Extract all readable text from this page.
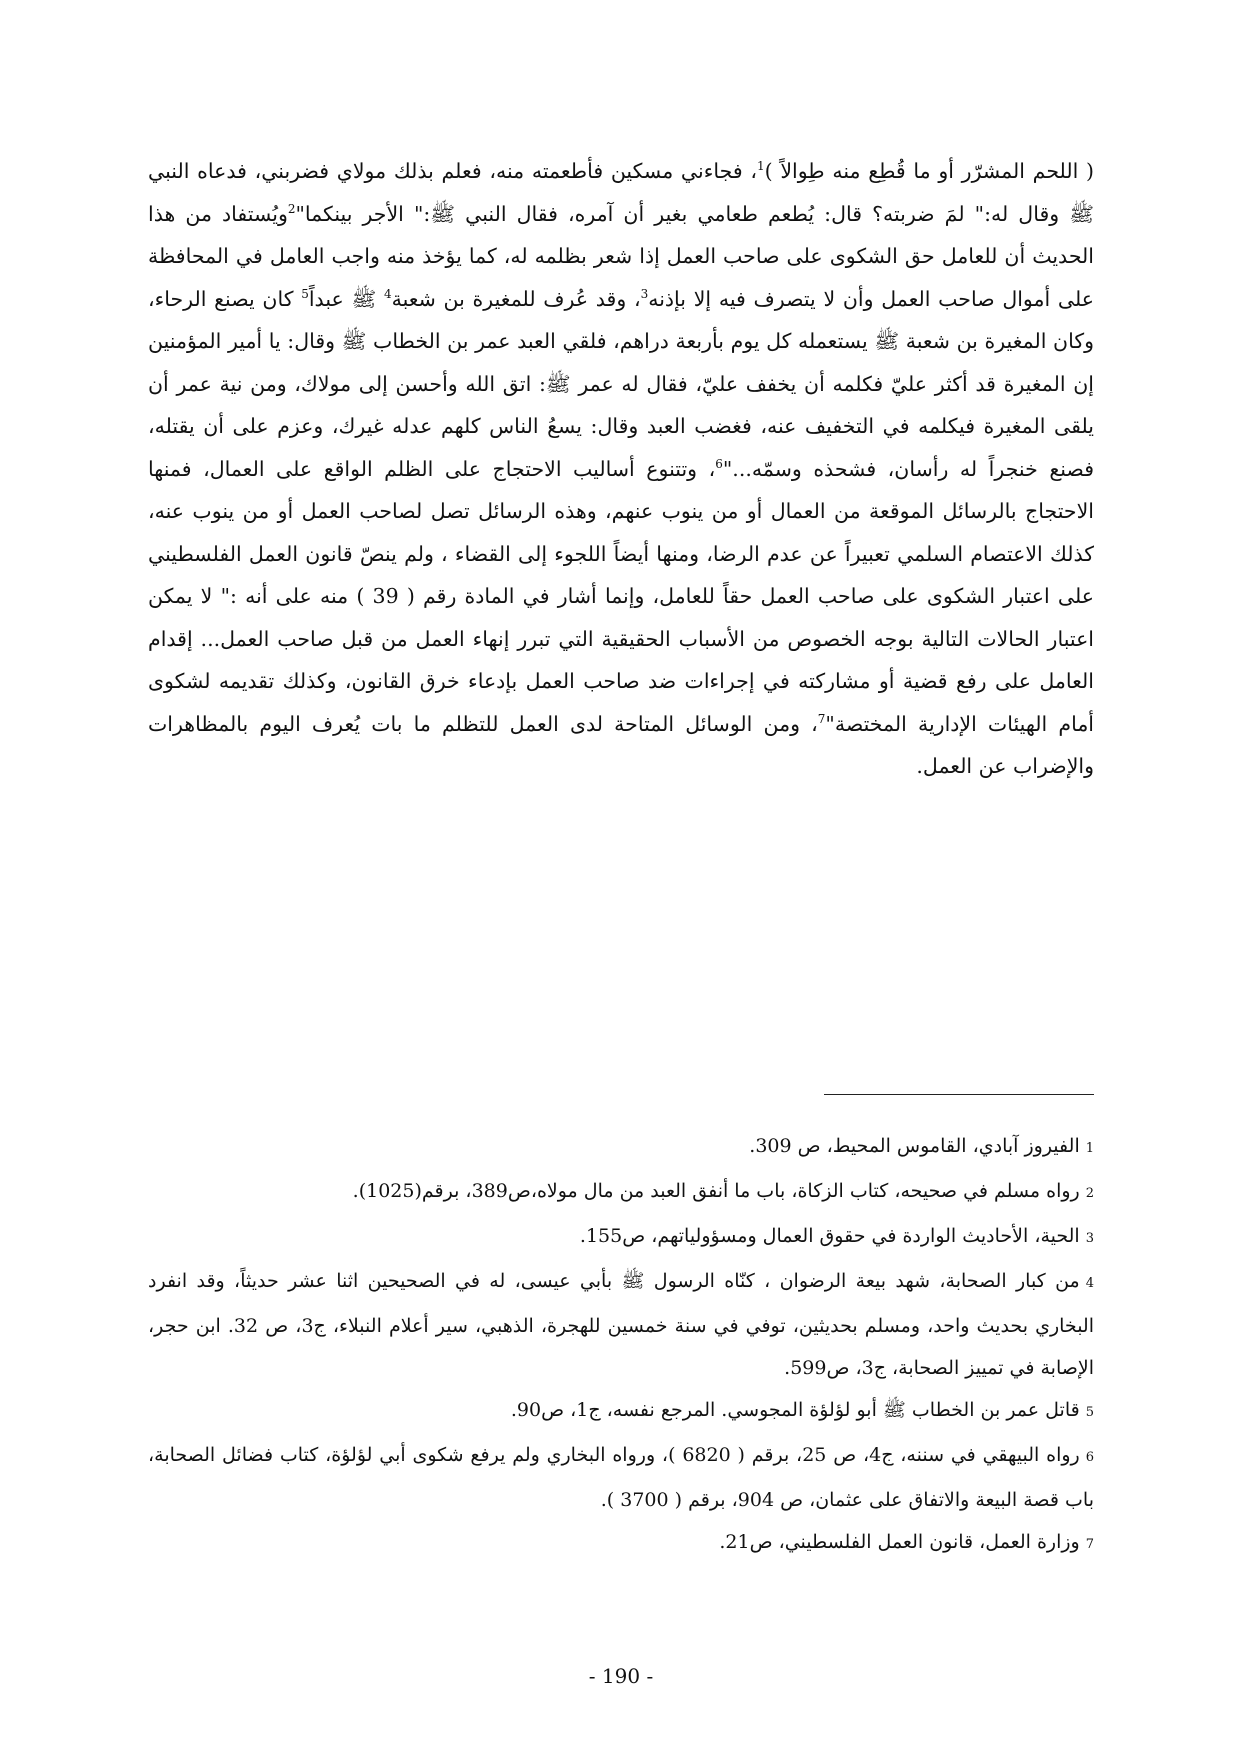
( اللحم المشرّر أو ما قُطِع منه طِوالاً )$^1$، فجاءني مسكين فأطعمته منه، فعلم بذلك مولاي فضربني، فدعاه النبي ﷺ وقال له:" لمَ ضربته؟ قال: يُطعم طعامي بغير أن آمره، فقال النبي ﷺ:" الأجر بينكما"$^2$ويُستفاد من هذا الحديث أن للعامل حق الشكوى على صاحب العمل إذا شعر بظلمه له، كما يؤخذ منه واجب العامل في المحافظة على أموال صاحب العمل وأن لا يتصرف فيه إلا بإذنه$^3$، وقد عُرف للمغيرة بن شعبة$^4$ ﷺ عبداً$^5$ كان يصنع الرحاء، وكان المغيرة بن شعبة ﷺ يستعمله كل يوم بأربعة دراهم، فلقي العبد عمر بن الخطاب ﷺ وقال: يا أمير المؤمنين إن المغيرة قد أكثر عليّ فكلمه أن يخفف عليّ، فقال له عمر ﷺ: اتق الله وأحسن إلى مولاك، ومن نية عمر أن يلقى المغيرة فيكلمه في التخفيف عنه، فغضب العبد وقال: يسعُ الناس كلهم عدله غيرك، وعزم على أن يقتله، فصنع خنجراً له رأسان، فشحذه وسمّه..."$^6$، وتتنوع أساليب الاحتجاج على الظلم الواقع على العمال، فمنها الاحتجاج بالرسائل الموقعة من العمال أو من ينوب عنهم، وهذه الرسائل تصل لصاحب العمل أو من ينوب عنه، كذلك الاعتصام السلمي تعبيراً عن عدم الرضا، ومنها أيضاً اللجوء إلى القضاء ، ولم ينصّ قانون العمل الفلسطيني على اعتبار الشكوى على صاحب العمل حقاً للعامل، وإنما أشار في المادة رقم ( 39 ) منه على أنه :" لا يمكن اعتبار الحالات التالية بوجه الخصوص من الأسباب الحقيقية التي تبرر إنهاء العمل من قبل صاحب العمل... إقدام العامل على رفع قضية أو مشاركته في إجراءات ضد صاحب العمل بإدعاء خرق القانون، وكذلك تقديمه لشكوى أمام الهيئات الإدارية المختصة"$^7$، ومن الوسائل المتاحة لدى العمل للتظلم ما بات يُعرف اليوم بالمظاهرات والإضراب عن العمل.

1الفيروز آبادي، القاموس المحيط، ص 309.

2رواه مسلم في صحيحه، كتاب الزكاة، باب ما أنفق العبد من مال مولاه،ص389، برقم(1025).

3الحية، الأحاديث الواردة في حقوق العمال ومسؤولياتهم، ص155.

4من كبار الصحابة، شهد بيعة الرضوان ، كنّاه الرسول ﷺ بأبي عيسى، له في الصحيحين اثنا عشر حديثاً، وقد انفرد البخاري بحديث واحد، ومسلم بحديثين، توفي في سنة خمسين للهجرة، الذهبي، سير أعلام النبلاء، ج3، ص 32. ابن حجر، الإصابة في تمييز الصحابة، ج3، ص599.

5قاتل عمر بن الخطاب ﷺ أبو لؤلؤة المجوسي. المرجع نفسه، ج1، ص90.

6رواه البيهقي في سننه، ج4، ص 25، برقم ( 6820 )، ورواه البخاري ولم يرفع شكوى أبي لؤلؤة، كتاب فضائل الصحابة، باب قصة البيعة والاتفاق على عثمان، ص 904، برقم ( 3700 ).

7وزارة العمل، قانون العمل الفلسطيني، ص21.

- 190 -
